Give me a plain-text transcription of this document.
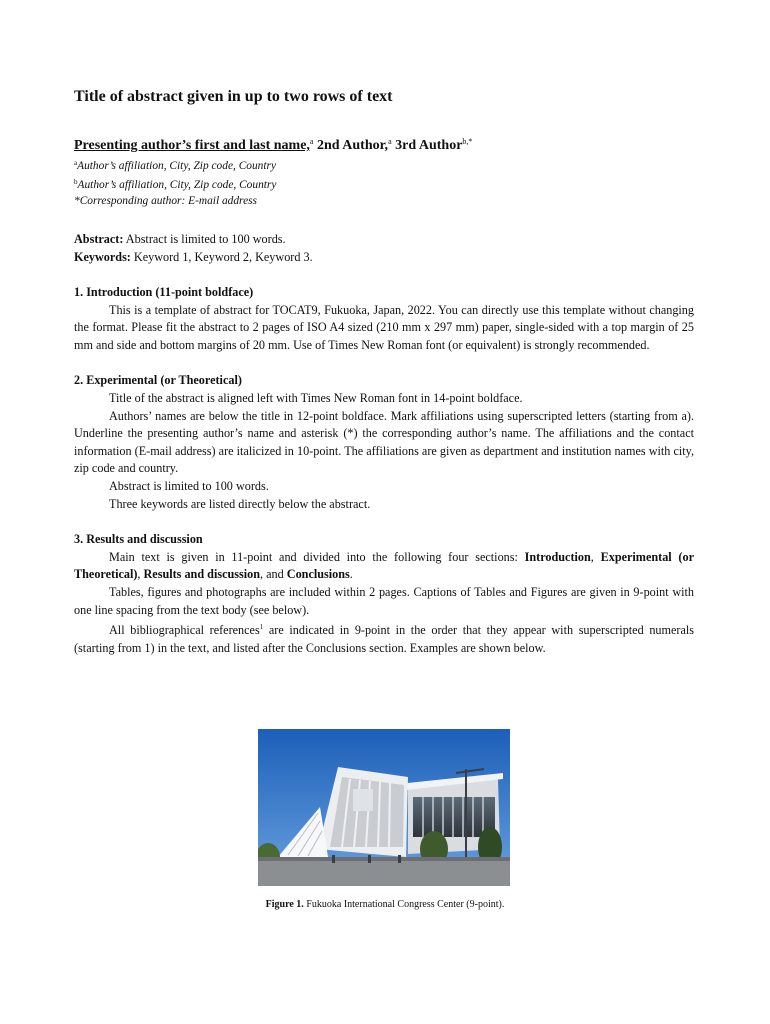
Title of abstract given in up to two rows of text

Presenting author’s first and last name,$^a$ 2nd Author,$^a$ 3rd Author$^{b,*}$

$^a$Author’s affiliation, City, Zip code, Country

$^b$Author’s affiliation, City, Zip code, Country

*Corresponding author: E-mail address

Abstract: Abstract is limited to 100 words.

Keywords: Keyword 1, Keyword 2, Keyword 3.

1. Introduction (11-point boldface)

This is a template of abstract for TOCAT9, Fukuoka, Japan, 2022. You can directly use this template without changing the format. Please fit the abstract to 2 pages of ISO A4 sized (210 mm x 297 mm) paper, single-sided with a top margin of 25 mm and side and bottom margins of 20 mm. Use of Times New Roman font (or equivalent) is strongly recommended.

2. Experimental (or Theoretical)

Title of the abstract is aligned left with Times New Roman font in 14-point boldface.

Authors’ names are below the title in 12-point boldface. Mark affiliations using superscripted letters (starting from a). Underline the presenting author’s name and asterisk (*) the corresponding author’s name. The affiliations and the contact information (E-mail address) are italicized in 10-point. The affiliations are given as department and institution names with city, zip code and country.

Abstract is limited to 100 words.

Three keywords are listed directly below the abstract.

3. Results and discussion

Main text is given in 11-point and divided into the following four sections: Introduction, Experimental (or Theoretical), Results and discussion, and Conclusions.

Tables, figures and photographs are included within 2 pages. Captions of Tables and Figures are given in 9-point with one line spacing from the text body (see below).

All bibliographical references$^1$ are indicated in 9-point in the order that they appear with superscripted numerals (starting from 1) in the text, and listed after the Conclusions section. Examples are shown below.

Figure 1. Fukuoka International Congress Center (9-point).
